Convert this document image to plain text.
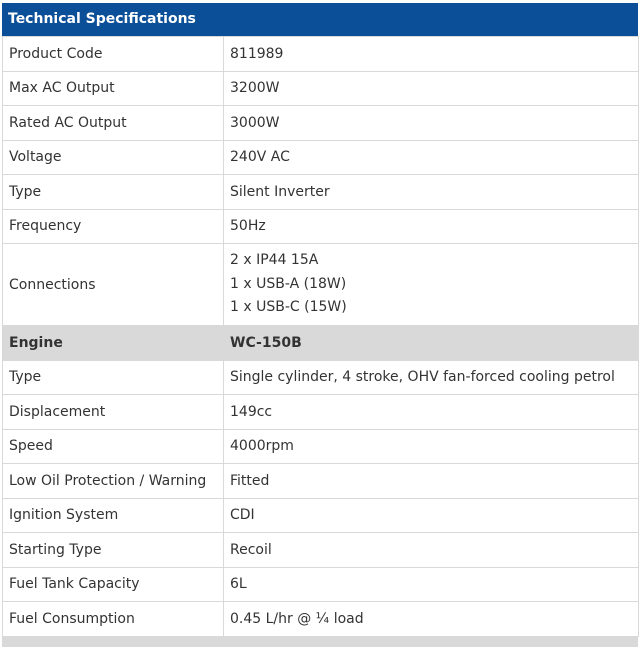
Technical Specifications
Product Code	811989
Max AC Output	3200W
Rated AC Output	3000W
Voltage	240V AC
Type	Silent Inverter
Frequency	50Hz
Connections	2 x IP44 15A
1 x USB-A (18W)
1 x USB-C (15W)

Engine	WC-150B
Type	Single cylinder, 4 stroke, OHV fan-forced cooling petrol
Displacement	149cc
Speed	4000rpm
Low Oil Protection / Warning	Fitted
Ignition System	CDI
Starting Type	Recoil
Fuel Tank Capacity	6L
Fuel Consumption	0.45 L/hr @ ¼ load
